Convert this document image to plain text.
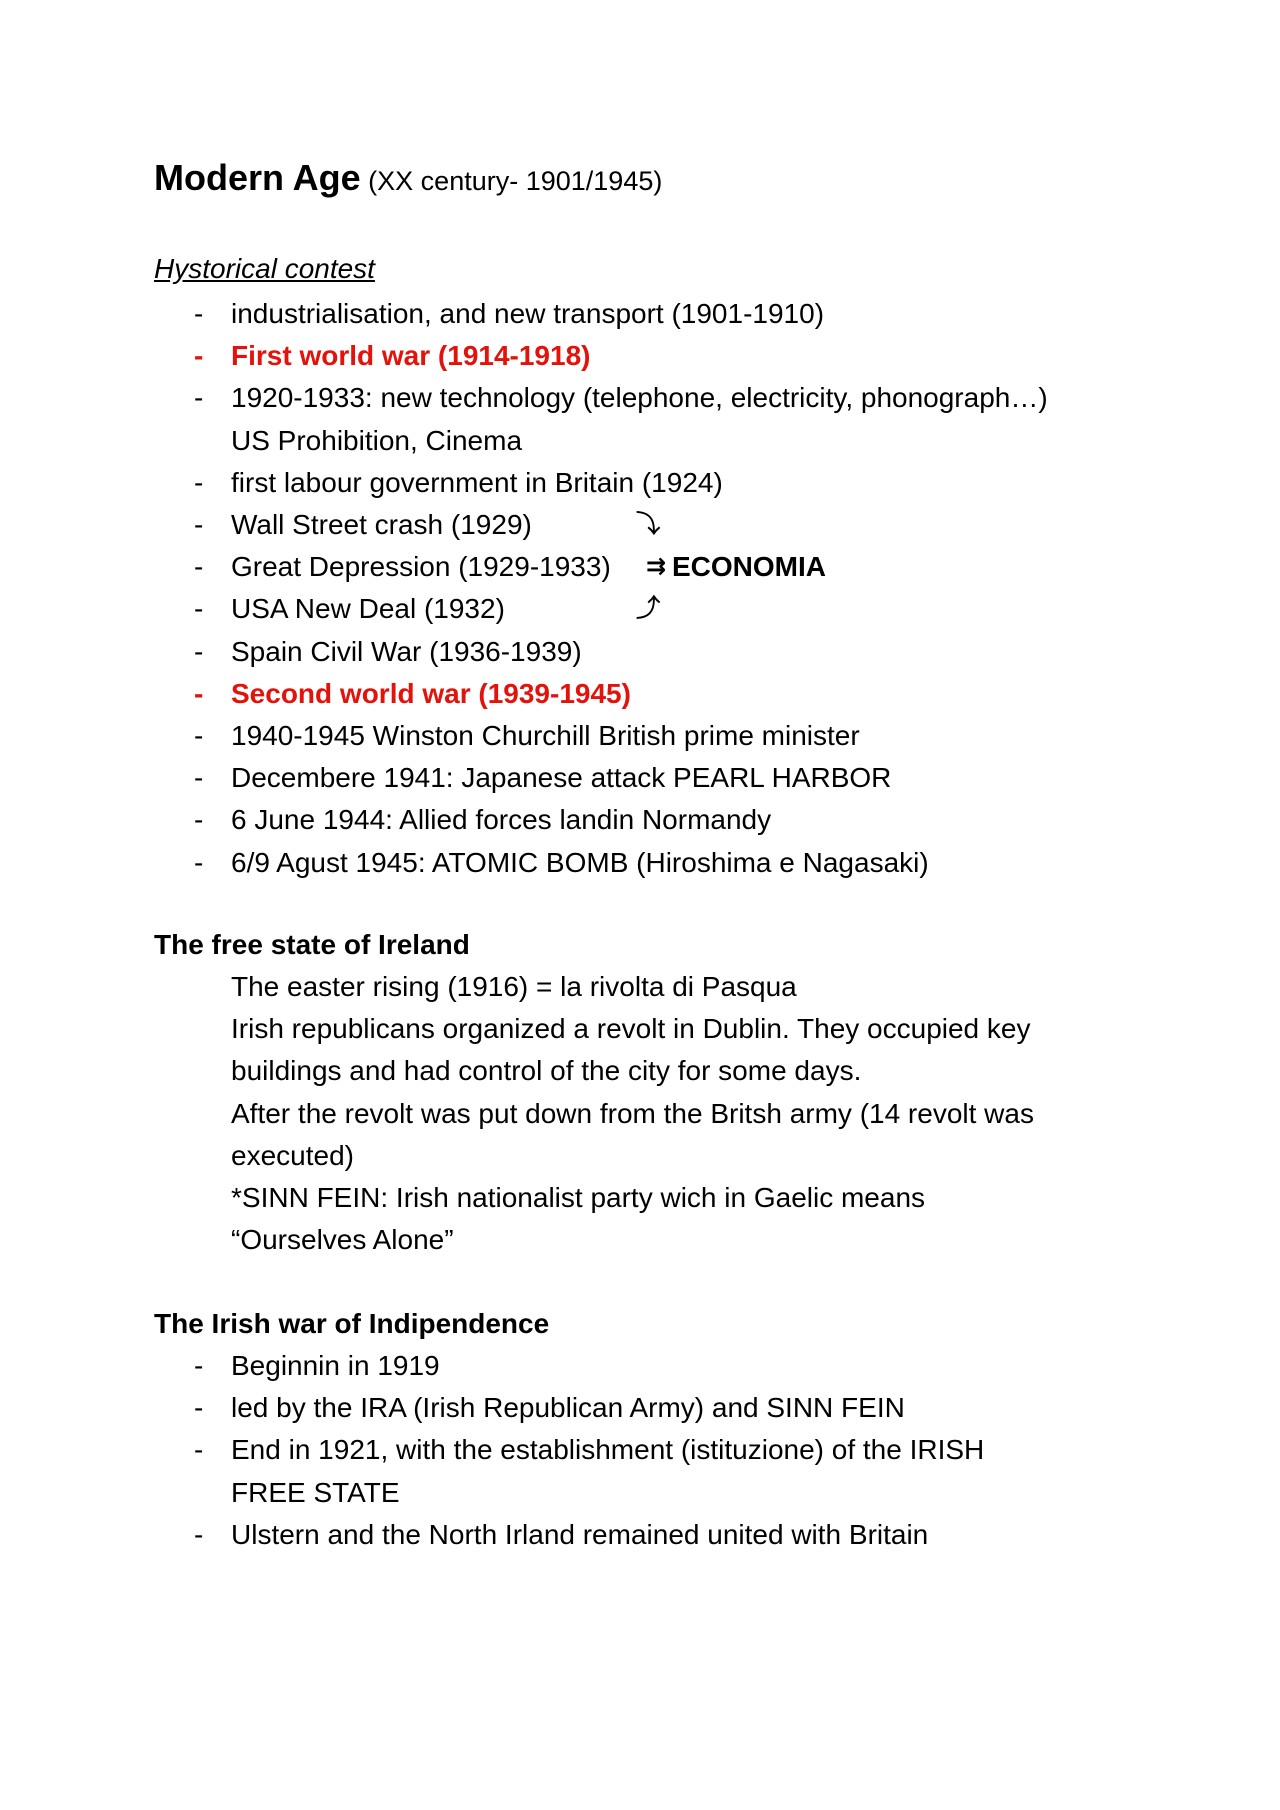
Modern Age (XX century- 1901/1945)
Hystorical contest
- industrialisation, and new transport (1901-1910)
- First world war (1914-1918)
- 1920-1933: new technology (telephone, electricity, phonograph…)
US Prohibition, Cinema
- first labour government in Britain (1924)
- Wall Street crash (1929)
- Great Depression (1929-1933)
- USA New Deal (1932)
- Spain Civil War (1936-1939)
- Second world war (1939-1945)
- 1940-1945 Winston Churchill British prime minister
- Decembere 1941: Japanese attack PEARL HARBOR
- 6 June 1944: Allied forces landin Normandy
- 6/9 Agust 1945: ATOMIC BOMB (Hiroshima e Nagasaki)
⤵
⇉ ECONOMIA
⤴
The free state of Ireland
The easter rising (1916) = la rivolta di Pasqua
Irish republicans organized a revolt in Dublin. They occupied key
buildings and had control of the city for some days.
After the revolt was put down from the Britsh army (14 revolt was
executed)
*SINN FEIN: Irish nationalist party wich in Gaelic means
“Ourselves Alone”
The Irish war of Indipendence
- Beginnin in 1919
- led by the IRA (Irish Republican Army) and SINN FEIN
- End in 1921, with the establishment (istituzione) of the IRISH
FREE STATE
- Ulstern and the North Irland remained united with Britain
